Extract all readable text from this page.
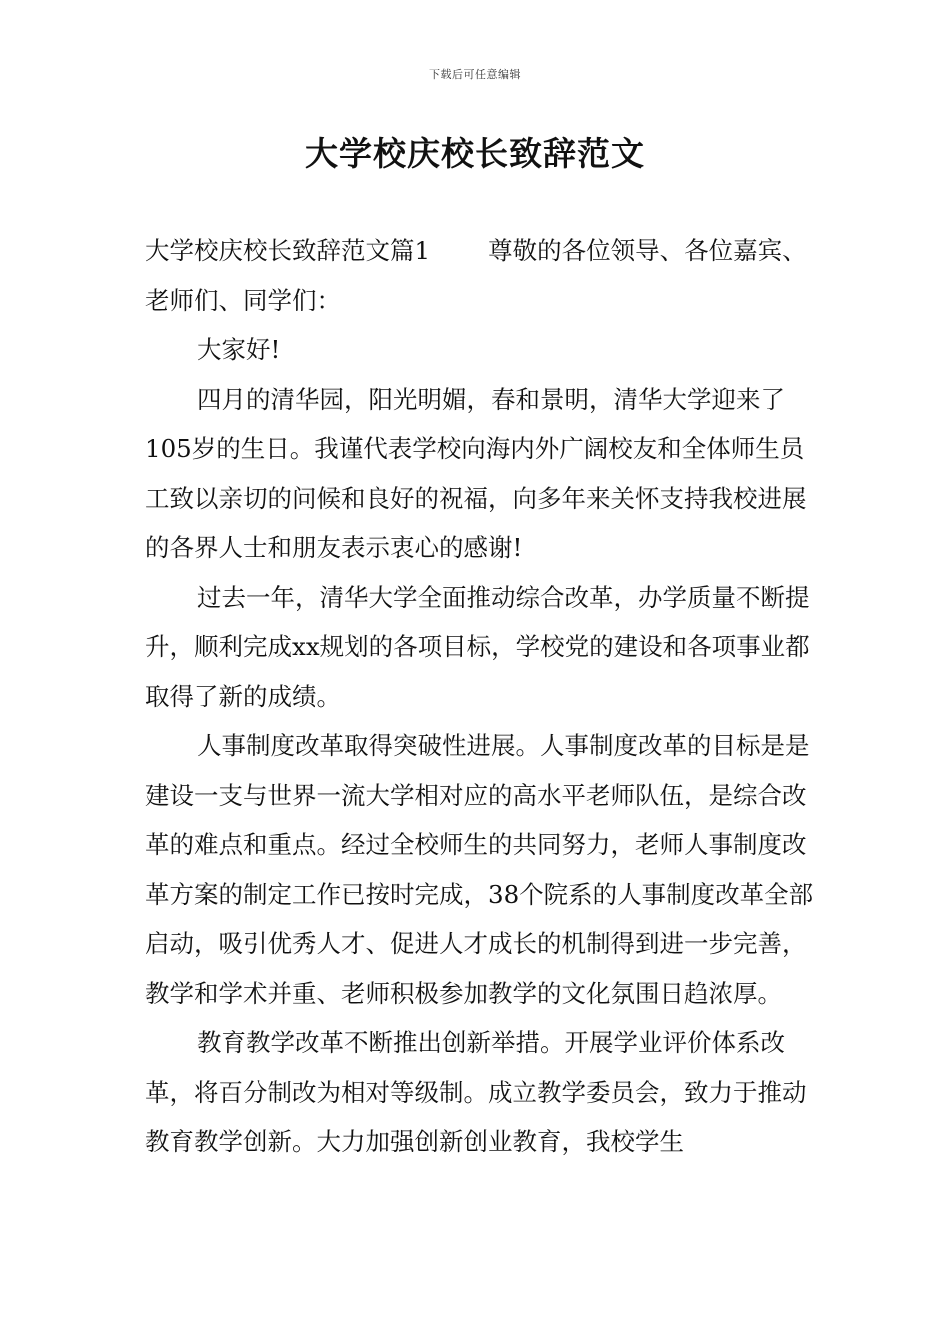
下载后可任意编辑
大学校庆校长致辞范文

大学校庆校长致辞范文篇1 尊敬的各位领导、各位嘉宾、老师们、同学们：

大家好!

四月的清华园，阳光明媚，春和景明，清华大学迎来了105岁的生日。我谨代表学校向海内外广阔校友和全体师生员工致以亲切的问候和良好的祝福，向多年来关怀支持我校进展的各界人士和朋友表示衷心的感谢!

过去一年，清华大学全面推动综合改革，办学质量不断提升，顺利完成xx规划的各项目标，学校党的建设和各项事业都取得了新的成绩。

人事制度改革取得突破性进展。人事制度改革的目标是是建设一支与世界一流大学相对应的高水平老师队伍，是综合改革的难点和重点。经过全校师生的共同努力，老师人事制度改革方案的制定工作已按时完成，38个院系的人事制度改革全部启动，吸引优秀人才、促进人才成长的机制得到进一步完善，教学和学术并重、老师积极参加教学的文化氛围日趋浓厚。

教育教学改革不断推出创新举措。开展学业评价体系改革，将百分制改为相对等级制。成立教学委员会，致力于推动教育教学创新。大力加强创新创业教育，我校学生
